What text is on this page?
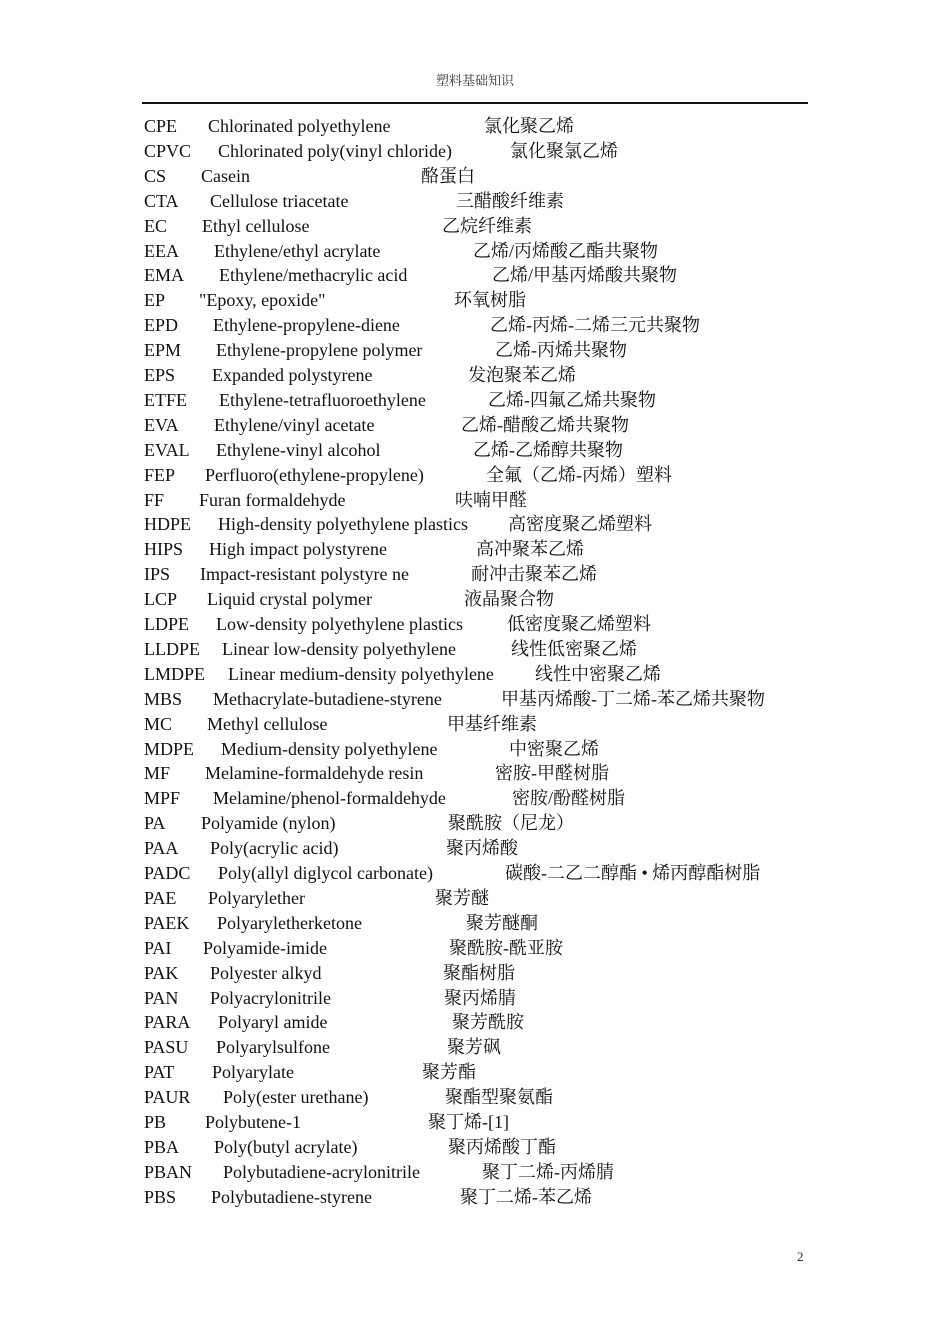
塑料基础知识
CPE Chlorinated polyethylene	氯化聚乙烯
CPVC Chlorinated poly(vinyl chloride)	氯化聚氯乙烯
CS Casein	酪蛋白
CTA Cellulose triacetate	三醋酸纤维素
EC Ethyl cellulose	乙烷纤维素
EEA Ethylene/ethyl acrylate	乙烯/丙烯酸乙酯共聚物
EMA Ethylene/methacrylic acid	乙烯/甲基丙烯酸共聚物
EP "Epoxy, epoxide"	环氧树脂
EPD Ethylene-propylene-diene	乙烯-丙烯-二烯三元共聚物
EPM Ethylene-propylene polymer	乙烯-丙烯共聚物
EPS Expanded polystyrene	发泡聚苯乙烯
ETFE Ethylene-tetrafluoroethylene	乙烯-四氟乙烯共聚物
EVA Ethylene/vinyl acetate	乙烯-醋酸乙烯共聚物
EVAL Ethylene-vinyl alcohol	乙烯-乙烯醇共聚物
FEP Perfluoro(ethylene-propylene)	全氟（乙烯-丙烯）塑料
FF Furan formaldehyde	呋喃甲醛
HDPE High-density polyethylene plastics 高密度聚乙烯塑料
HIPS High impact polystyrene	高冲聚苯乙烯
IPS Impact-resistant polystyre ne	耐冲击聚苯乙烯
LCP Liquid crystal polymer	液晶聚合物
LDPE Low-density polyethylene plastics 低密度聚乙烯塑料
LLDPE Linear low-density polyethylene	线性低密聚乙烯
LMDPE Linear medium-density polyethylene 线性中密聚乙烯
MBS Methacrylate-butadiene-styrene	甲基丙烯酸-丁二烯-苯乙烯共聚物
MC Methyl cellulose	甲基纤维素
MDPE Medium-density polyethylene	中密聚乙烯
MF Melamine-formaldehyde resin	密胺-甲醛树脂
MPF Melamine/phenol-formaldehyde	密胺/酚醛树脂
PA Polyamide (nylon)	聚酰胺（尼龙）
PAA Poly(acrylic acid)	聚丙烯酸
PADC Poly(allyl diglycol carbonate)	碳酸-二乙二醇酯 • 烯丙醇酯树脂
PAE Polyarylether	聚芳醚
PAEK Polyaryletherketone	聚芳醚酮
PAI Polyamide-imide	聚酰胺-酰亚胺
PAK Polyester alkyd	聚酯树脂
PAN Polyacrylonitrile	聚丙烯腈
PARA Polyaryl amide	聚芳酰胺
PASU Polyarylsulfone	聚芳砜
PAT Polyarylate	聚芳酯
PAUR Poly(ester urethane)	聚酯型聚氨酯
PB Polybutene-1	聚丁烯-[1]
PBA Poly(butyl acrylate)	聚丙烯酸丁酯
PBAN Polybutadiene-acrylonitrile	聚丁二烯-丙烯腈
PBS Polybutadiene-styrene	聚丁二烯-苯乙烯
2
